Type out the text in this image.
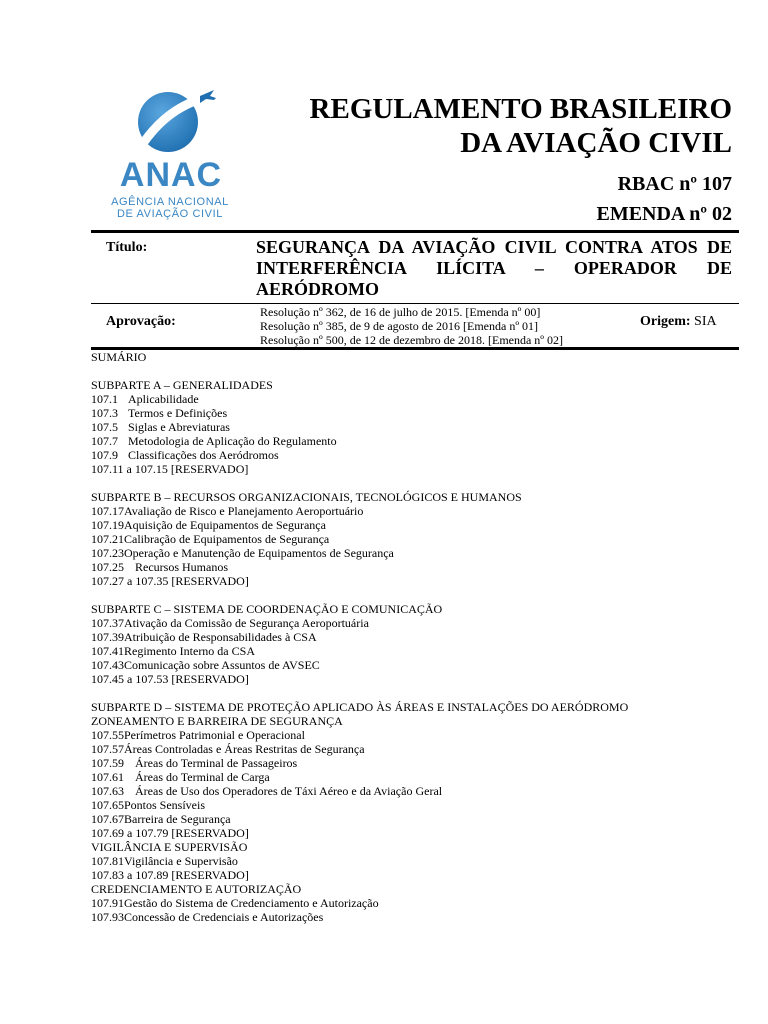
ANAC
AGÊNCIA NACIONAL
DE AVIAÇÃO CIVIL
REGULAMENTO BRASILEIRO
DA AVIAÇÃO CIVIL
RBAC nº 107
EMENDA nº 02
Título:	SEGURANÇA DA AVIAÇÃO CIVIL CONTRA ATOS DE INTERFERÊNCIA ILÍCITA – OPERADOR DE AERÓDROMO
Aprovação:
Resolução nº 362, de 16 de julho de 2015. [Emenda nº 00]
Resolução nº 385, de 9 de agosto de 2016 [Emenda nº 01]
Resolução nº 500, de 12 de dezembro de 2018. [Emenda nº 02]
Origem: SIA
SUMÁRIO
SUBPARTE A – GENERALIDADES
107.1 Aplicabilidade
107.3 Termos e Definições
107.5 Siglas e Abreviaturas
107.7 Metodologia de Aplicação do Regulamento
107.9 Classificações dos Aeródromos
107.11 a 107.15 [RESERVADO]
SUBPARTE B – RECURSOS ORGANIZACIONAIS, TECNOLÓGICOS E HUMANOS
107.17Avaliação de Risco e Planejamento Aeroportuário
107.19Aquisição de Equipamentos de Segurança
107.21Calibração de Equipamentos de Segurança
107.23Operação e Manutenção de Equipamentos de Segurança
107.25 Recursos Humanos
107.27 a 107.35 [RESERVADO]
SUBPARTE C – SISTEMA DE COORDENAÇÃO E COMUNICAÇÃO
107.37Ativação da Comissão de Segurança Aeroportuária
107.39Atribuição de Responsabilidades à CSA
107.41Regimento Interno da CSA
107.43Comunicação sobre Assuntos de AVSEC
107.45 a 107.53 [RESERVADO]
SUBPARTE D – SISTEMA DE PROTEÇÃO APLICADO ÀS ÁREAS E INSTALAÇÕES DO AERÓDROMO
ZONEAMENTO E BARREIRA DE SEGURANÇA
107.55Perímetros Patrimonial e Operacional
107.57Áreas Controladas e Áreas Restritas de Segurança
107.59 Áreas do Terminal de Passageiros
107.61 Áreas do Terminal de Carga
107.63 Áreas de Uso dos Operadores de Táxi Aéreo e da Aviação Geral
107.65Pontos Sensíveis
107.67Barreira de Segurança
107.69 a 107.79 [RESERVADO]
VIGILÂNCIA E SUPERVISÃO
107.81Vigilância e Supervisão
107.83 a 107.89 [RESERVADO]
CREDENCIAMENTO E AUTORIZAÇÃO
107.91Gestão do Sistema de Credenciamento e Autorização
107.93Concessão de Credenciais e Autorizações
